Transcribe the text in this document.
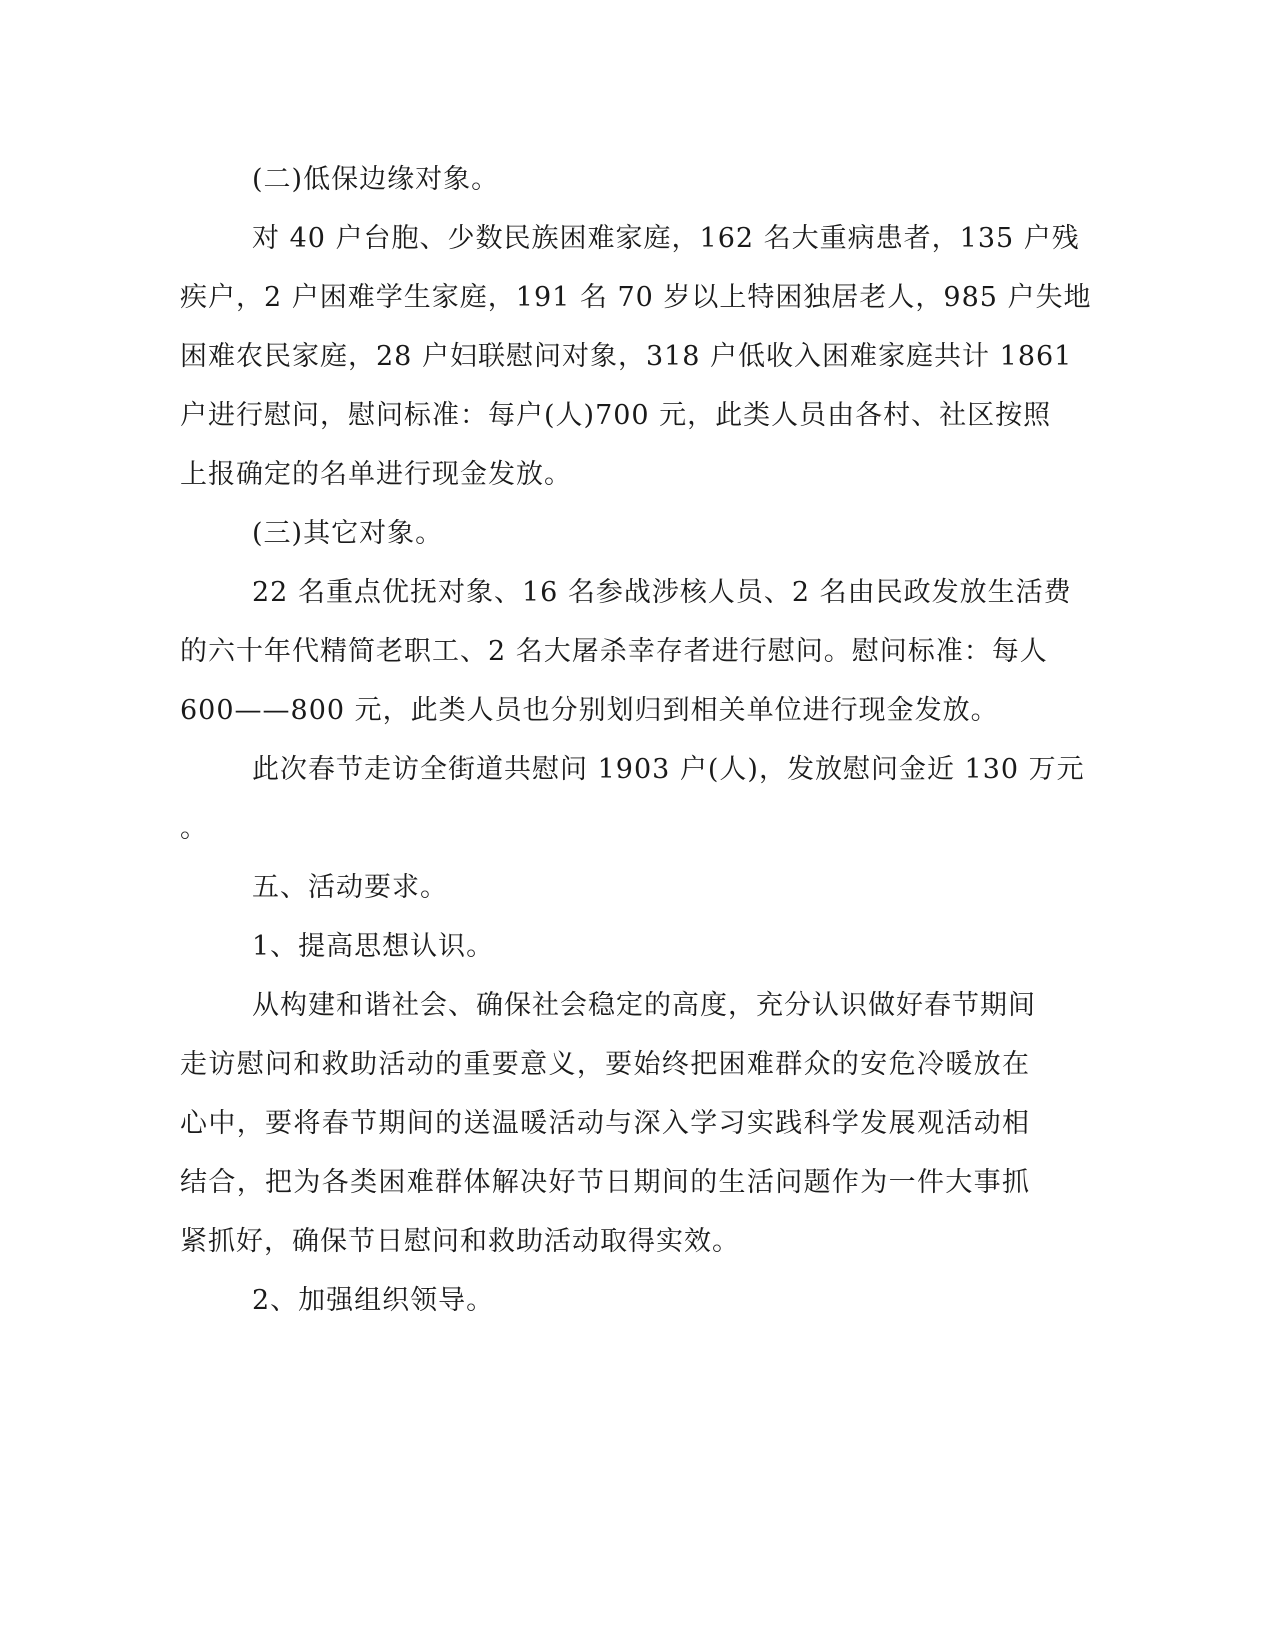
(二)低保边缘对象。
对 40 户台胞、少数民族困难家庭，162 名大重病患者，135 户残
疾户，2 户困难学生家庭，191 名 70 岁以上特困独居老人，985 户失地
困难农民家庭，28 户妇联慰问对象，318 户低收入困难家庭共计 1861
户进行慰问，慰问标准：每户(人)700 元，此类人员由各村、社区按照
上报确定的名单进行现金发放。
(三)其它对象。
22 名重点优抚对象、16 名参战涉核人员、2 名由民政发放生活费
的六十年代精简老职工、2 名大屠杀幸存者进行慰问。慰问标准：每人
600——800 元，此类人员也分别划归到相关单位进行现金发放。
此次春节走访全街道共慰问 1903 户(人)，发放慰问金近 130 万元
。
五、活动要求。
1、提高思想认识。
从构建和谐社会、确保社会稳定的高度，充分认识做好春节期间
走访慰问和救助活动的重要意义，要始终把困难群众的安危冷暖放在
心中，要将春节期间的送温暖活动与深入学习实践科学发展观活动相
结合，把为各类困难群体解决好节日期间的生活问题作为一件大事抓
紧抓好，确保节日慰问和救助活动取得实效。
2、加强组织领导。
